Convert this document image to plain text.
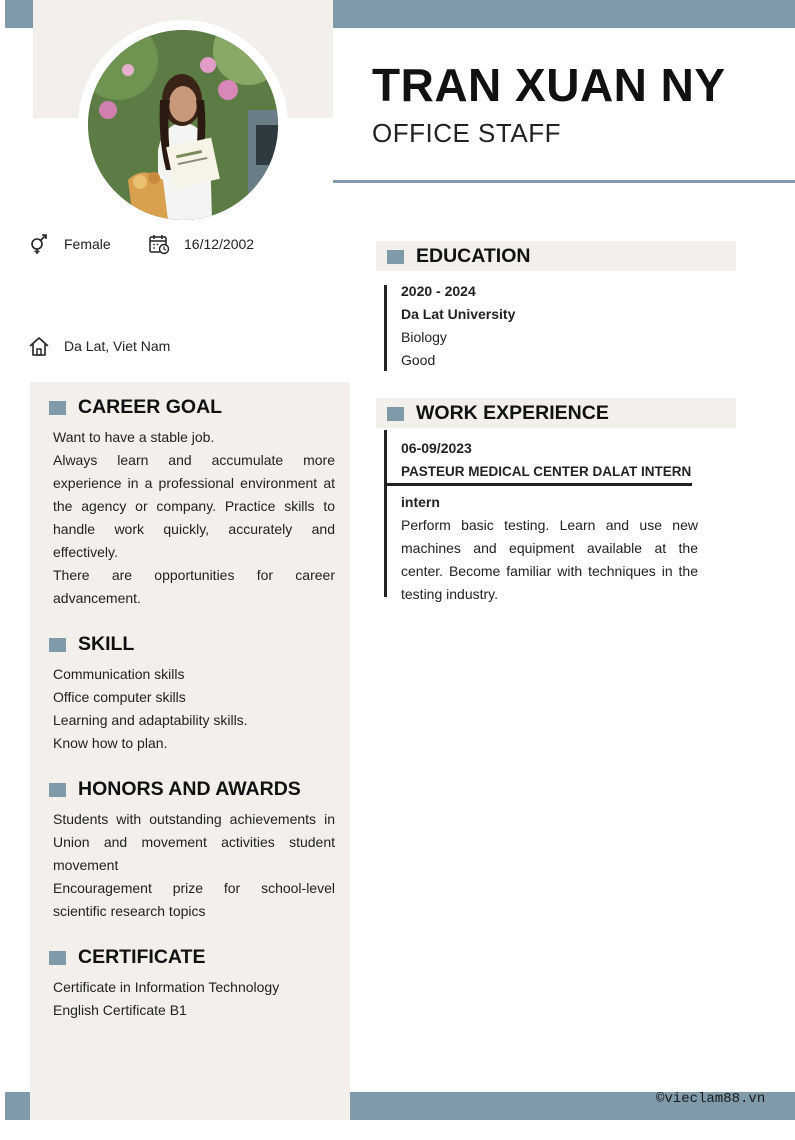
TRAN XUAN NY
OFFICE STAFF
Female	16/12/2002
Da Lat, Viet Nam
CAREER GOAL
Want to have a stable job.
Always learn and accumulate more experience in a professional environment at the agency or company. Practice skills to handle work quickly, accurately and effectively.
There are opportunities for career advancement.
SKILL
Communication skills
Office computer skills
Learning and adaptability skills.
Know how to plan.
HONORS AND AWARDS
Students with outstanding achievements in Union and movement activities student movement
Encouragement prize for school-level scientific research topics
CERTIFICATE
Certificate in Information Technology
English Certificate B1
EDUCATION
2020 - 2024
Da Lat University
Biology
Good
WORK EXPERIENCE
06-09/2023
PASTEUR MEDICAL CENTER DALAT INTERN
intern
Perform basic testing. Learn and use new machines and equipment available at the center. Become familiar with techniques in the testing industry.
©vieclam88.vn
